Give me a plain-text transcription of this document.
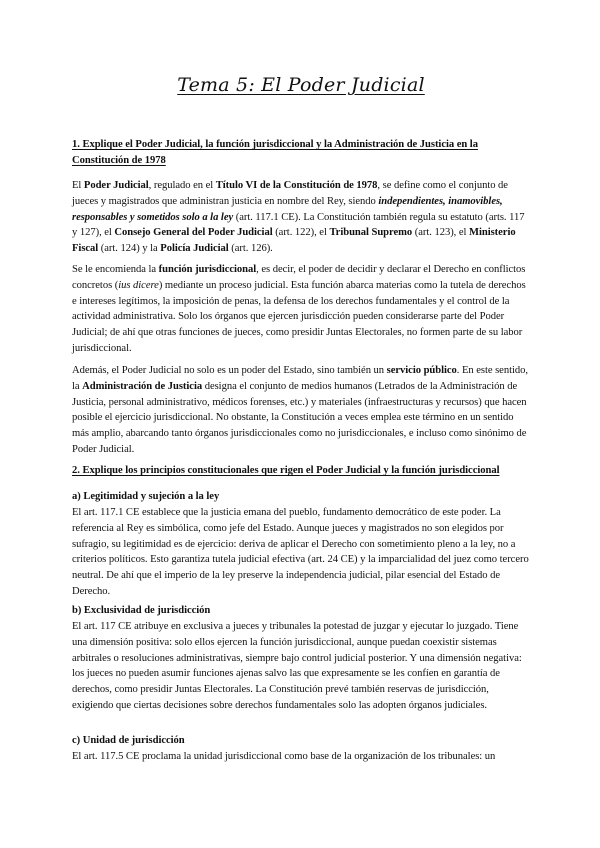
Tema 5: El Poder Judicial
1. Explique el Poder Judicial, la función jurisdiccional y la Administración de Justicia en la Constitución de 1978
El Poder Judicial, regulado en el Título VI de la Constitución de 1978, se define como el conjunto de jueces y magistrados que administran justicia en nombre del Rey, siendo independientes, inamovibles, responsables y sometidos solo a la ley (art. 117.1 CE). La Constitución también regula su estatuto (arts. 117 y 127), el Consejo General del Poder Judicial (art. 122), el Tribunal Supremo (art. 123), el Ministerio Fiscal (art. 124) y la Policía Judicial (art. 126).
Se le encomienda la función jurisdiccional, es decir, el poder de decidir y declarar el Derecho en conflictos concretos (ius dicere) mediante un proceso judicial. Esta función abarca materias como la tutela de derechos e intereses legítimos, la imposición de penas, la defensa de los derechos fundamentales y el control de la actividad administrativa. Solo los órganos que ejercen jurisdicción pueden considerarse parte del Poder Judicial; de ahí que otras funciones de jueces, como presidir Juntas Electorales, no formen parte de su labor jurisdiccional.
Además, el Poder Judicial no solo es un poder del Estado, sino también un servicio público. En este sentido, la Administración de Justicia designa el conjunto de medios humanos (Letrados de la Administración de Justicia, personal administrativo, médicos forenses, etc.) y materiales (infraestructuras y recursos) que hacen posible el ejercicio jurisdiccional. No obstante, la Constitución a veces emplea este término en un sentido más amplio, abarcando tanto órganos jurisdiccionales como no jurisdiccionales, e incluso como sinónimo de Poder Judicial.
2. Explique los principios constitucionales que rigen el Poder Judicial y la función jurisdiccional
a) Legitimidad y sujeción a la ley
El art. 117.1 CE establece que la justicia emana del pueblo, fundamento democrático de este poder. La referencia al Rey es simbólica, como jefe del Estado. Aunque jueces y magistrados no son elegidos por sufragio, su legitimidad es de ejercicio: deriva de aplicar el Derecho con sometimiento pleno a la ley, no a criterios políticos. Esto garantiza tutela judicial efectiva (art. 24 CE) y la imparcialidad del juez como tercero neutral. De ahí que el imperio de la ley preserve la independencia judicial, pilar esencial del Estado de Derecho.
b) Exclusividad de jurisdicción
El art. 117 CE atribuye en exclusiva a jueces y tribunales la potestad de juzgar y ejecutar lo juzgado. Tiene una dimensión positiva: solo ellos ejercen la función jurisdiccional, aunque puedan coexistir sistemas arbitrales o resoluciones administrativas, siempre bajo control judicial posterior. Y una dimensión negativa: los jueces no pueden asumir funciones ajenas salvo las que expresamente se les confíen en garantía de derechos, como presidir Juntas Electorales. La Constitución prevé también reservas de jurisdicción, exigiendo que ciertas decisiones sobre derechos fundamentales solo las adopten órganos judiciales.
c) Unidad de jurisdicción
El art. 117.5 CE proclama la unidad jurisdiccional como base de la organización de los tribunales: un
